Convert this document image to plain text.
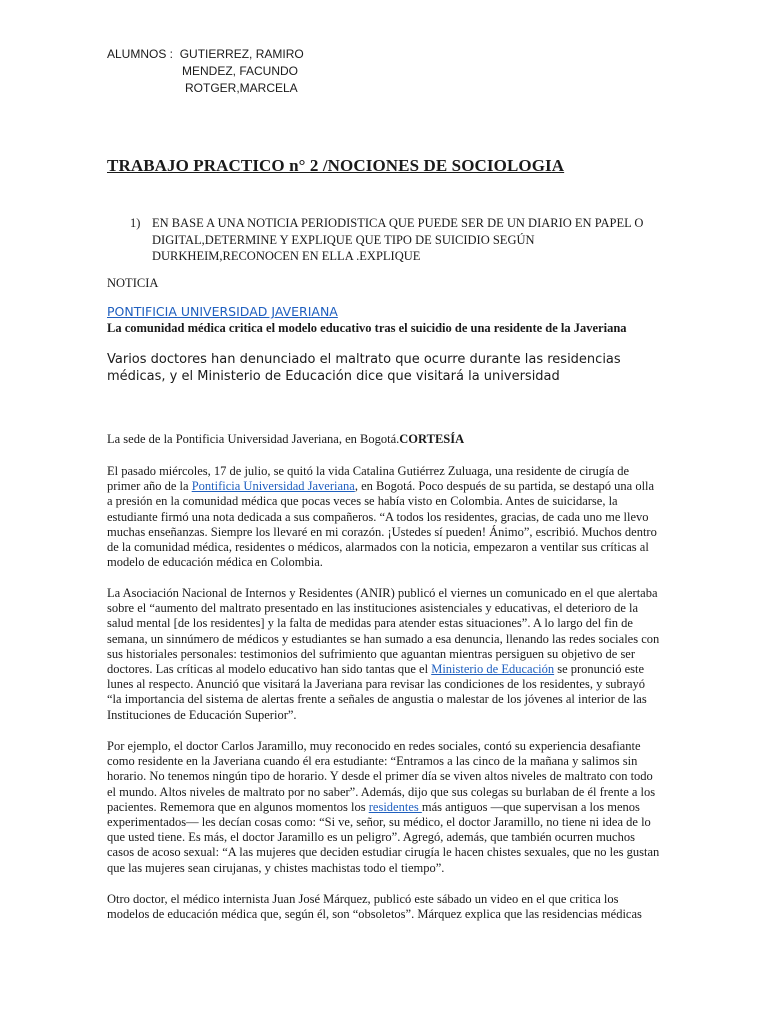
ALUMNOS : GUTIERREZ, RAMIRO
MENDEZ, FACUNDO
ROTGER,MARCELA
TRABAJO PRACTICO n° 2 /NOCIONES DE SOCIOLOGIA
1) EN BASE A UNA NOTICIA PERIODISTICA QUE PUEDE SER DE UN DIARIO EN PAPEL O DIGITAL,DETERMINE Y EXPLIQUE QUE TIPO DE SUICIDIO SEGÚN DURKHEIM,RECONOCEN EN ELLA .EXPLIQUE
NOTICIA
PONTIFICIA UNIVERSIDAD JAVERIANA
La comunidad médica critica el modelo educativo tras el suicidio de una residente de la Javeriana
Varios doctores han denunciado el maltrato que ocurre durante las residencias médicas, y el Ministerio de Educación dice que visitará la universidad
La sede de la Pontificia Universidad Javeriana, en Bogotá.CORTESÍA
El pasado miércoles, 17 de julio, se quitó la vida Catalina Gutiérrez Zuluaga, una residente de cirugía de primer año de la Pontificia Universidad Javeriana, en Bogotá. Poco después de su partida, se destapó una olla a presión en la comunidad médica que pocas veces se había visto en Colombia. Antes de suicidarse, la estudiante firmó una nota dedicada a sus compañeros. “A todos los residentes, gracias, de cada uno me llevo muchas enseñanzas. Siempre los llevaré en mi corazón. ¡Ustedes sí pueden! Ánimo”, escribió. Muchos dentro de la comunidad médica, residentes o médicos, alarmados con la noticia, empezaron a ventilar sus críticas al modelo de educación médica en Colombia.
La Asociación Nacional de Internos y Residentes (ANIR) publicó el viernes un comunicado en el que alertaba sobre el “aumento del maltrato presentado en las instituciones asistenciales y educativas, el deterioro de la salud mental [de los residentes] y la falta de medidas para atender estas situaciones”. A lo largo del fin de semana, un sinnúmero de médicos y estudiantes se han sumado a esa denuncia, llenando las redes sociales con sus historiales personales: testimonios del sufrimiento que aguantan mientras persiguen su objetivo de ser doctores. Las críticas al modelo educativo han sido tantas que el Ministerio de Educación se pronunció este lunes al respecto. Anunció que visitará la Javeriana para revisar las condiciones de los residentes, y subrayó “la importancia del sistema de alertas frente a señales de angustia o malestar de los jóvenes al interior de las Instituciones de Educación Superior”.
Por ejemplo, el doctor Carlos Jaramillo, muy reconocido en redes sociales, contó su experiencia desafiante como residente en la Javeriana cuando él era estudiante: “Entramos a las cinco de la mañana y salimos sin horario. No tenemos ningún tipo de horario. Y desde el primer día se viven altos niveles de maltrato con todo el mundo. Altos niveles de maltrato por no saber”. Además, dijo que sus colegas su burlaban de él frente a los pacientes. Rememora que en algunos momentos los residentes más antiguos —que supervisan a los menos experimentados— les decían cosas como: “Si ve, señor, su médico, el doctor Jaramillo, no tiene ni idea de lo que usted tiene. Es más, el doctor Jaramillo es un peligro”. Agregó, además, que también ocurren muchos casos de acoso sexual: “A las mujeres que deciden estudiar cirugía le hacen chistes sexuales, que no les gustan que las mujeres sean cirujanas, y chistes machistas todo el tiempo”.
Otro doctor, el médico internista Juan José Márquez, publicó este sábado un video en el que critica los modelos de educación médica que, según él, son “obsoletos”. Márquez explica que las residencias médicas
